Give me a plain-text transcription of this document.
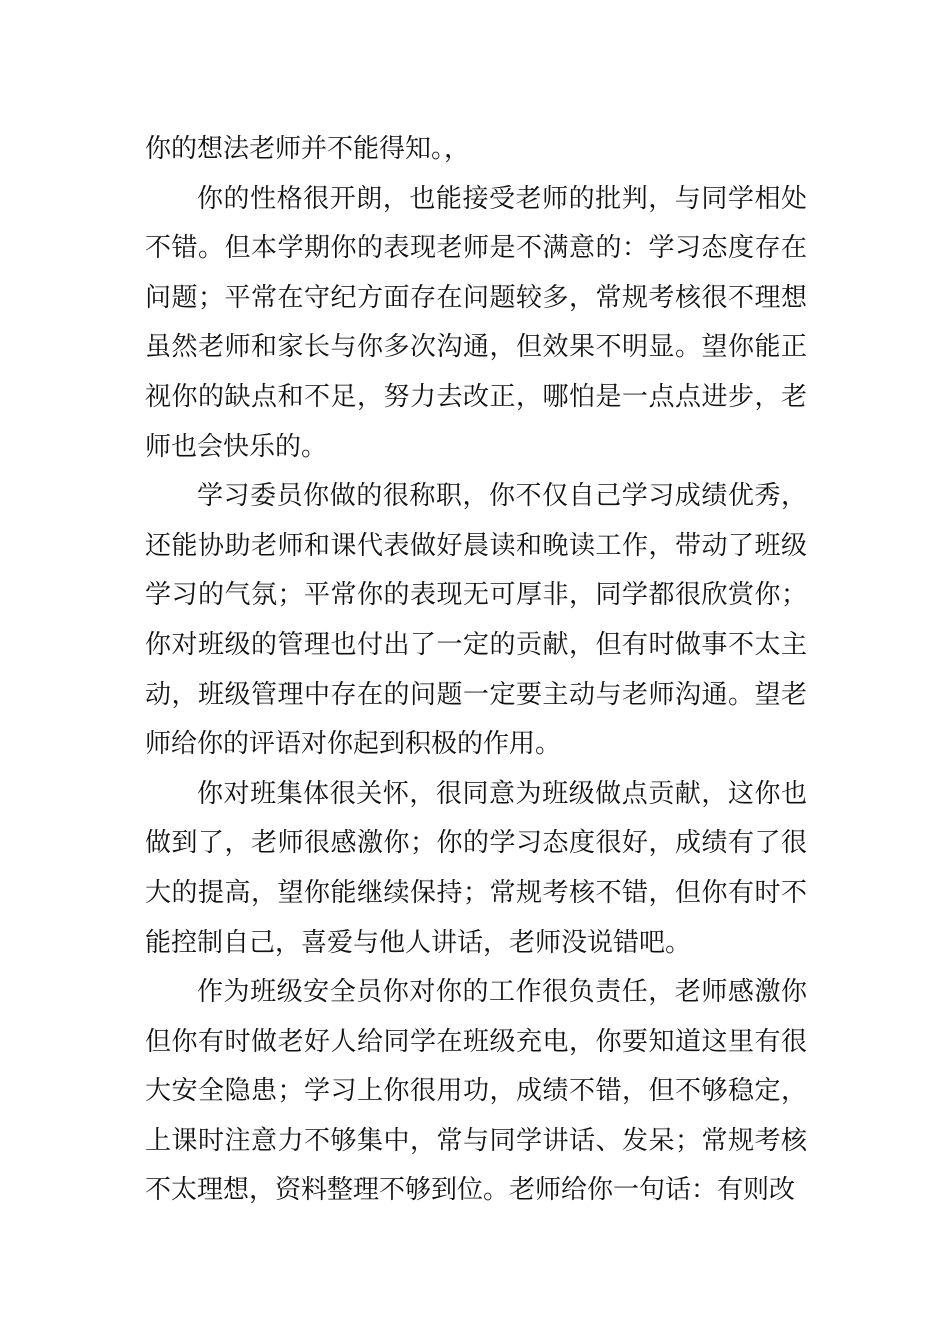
你的想法老师并不能得知。，

你的性格很开朗，也能接受老师的批判，与同学相处不错。但本学期你的表现老师是不满意的：学习态度存在问题；平常在守纪方面存在问题较多，常规考核很不理想虽然老师和家长与你多次沟通，但效果不明显。望你能正视你的缺点和不足，努力去改正，哪怕是一点点进步，老师也会快乐的。

学习委员你做的很称职，你不仅自己学习成绩优秀，还能协助老师和课代表做好晨读和晚读工作，带动了班级学习的气氛；平常你的表现无可厚非，同学都很欣赏你；你对班级的管理也付出了一定的贡献，但有时做事不太主动，班级管理中存在的问题一定要主动与老师沟通。望老师给你的评语对你起到积极的作用。

你对班集体很关怀，很同意为班级做点贡献，这你也做到了，老师很感激你；你的学习态度很好，成绩有了很大的提高，望你能继续保持；常规考核不错，但你有时不能控制自己，喜爱与他人讲话，老师没说错吧。

作为班级安全员你对你的工作很负责任，老师感激你但你有时做老好人给同学在班级充电，你要知道这里有很大安全隐患；学习上你很用功，成绩不错，但不够稳定，上课时注意力不够集中，常与同学讲话、发呆；常规考核不太理想，资料整理不够到位。老师给你一句话：有则改
